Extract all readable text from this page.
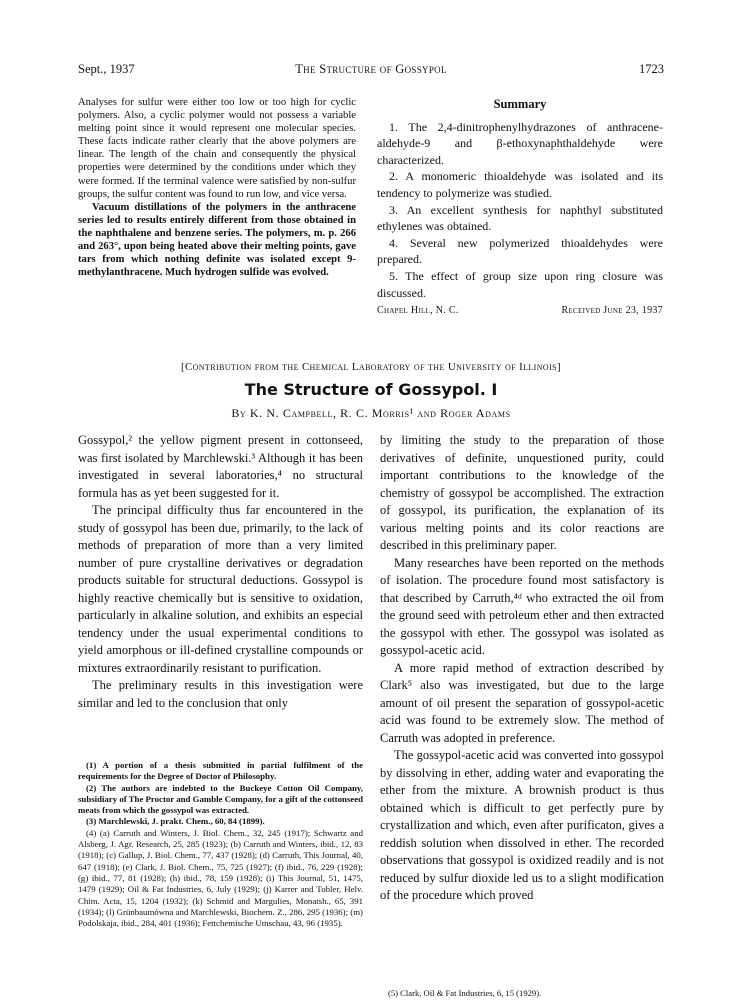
Sept., 1937	The Structure of Gossypol	1723

Analyses for sulfur were either too low or too high for cyclic polymers. Also, a cyclic polymer would not possess a variable melting point since it would represent one molecular species. These facts indicate rather clearly that the above polymers are linear. The length of the chain and consequently the physical properties were determined by the conditions under which they were formed. If the terminal valence were satisfied by non-sulfur groups, the sulfur content was found to run low, and vice versa.

Vacuum distillations of the polymers in the anthracene series led to results entirely different from those obtained in the naphthalene and benzene series. The polymers, m. p. 266 and 263°, upon being heated above their melting points, gave tars from which nothing definite was isolated except 9-methylanthracene. Much hydrogen sulfide was evolved.

Summary
1. The 2,4-dinitrophenylhydrazones of anthracene-aldehyde-9 and β-ethoxynaphthaldehyde were characterized.
2. A monomeric thioaldehyde was isolated and its tendency to polymerize was studied.
3. An excellent synthesis for naphthyl substituted ethylenes was obtained.
4. Several new polymerized thioaldehydes were prepared.
5. The effect of group size upon ring closure was discussed.
Chapel Hill, N. C.	Received June 23, 1937
[Contribution from the Chemical Laboratory of the University of Illinois]
The Structure of Gossypol. I
By K. N. Campbell, R. C. Morris¹ and Roger Adams

Gossypol,² the yellow pigment present in cottonseed, was first isolated by Marchlewski.³ Although it has been investigated in several laboratories,⁴ no structural formula has as yet been suggested for it.

The principal difficulty thus far encountered in the study of gossypol has been due, primarily, to the lack of methods of preparation of more than a very limited number of pure crystalline derivatives or degradation products suitable for structural deductions. Gossypol is highly reactive chemically but is sensitive to oxidation, particularly in alkaline solution, and exhibits an especial tendency under the usual experimental conditions to yield amorphous or ill-defined crystalline compounds or mixtures extraordinarily resistant to purification.

The preliminary results in this investigation were similar and led to the conclusion that only

by limiting the study to the preparation of those derivatives of definite, unquestioned purity, could important contributions to the knowledge of the chemistry of gossypol be accomplished. The extraction of gossypol, its purification, the explanation of its various melting points and its color reactions are described in this preliminary paper.

Many researches have been reported on the methods of isolation. The procedure found most satisfactory is that described by Carruth,⁴ᵈ who extracted the oil from the ground seed with petroleum ether and then extracted the gossypol with ether. The gossypol was isolated as gossypol-acetic acid.

A more rapid method of extraction described by Clark⁵ also was investigated, but due to the large amount of oil present the separation of gossypol-acetic acid was found to be extremely slow. The method of Carruth was adopted in preference.

The gossypol-acetic acid was converted into gossypol by dissolving in ether, adding water and evaporating the ether from the mixture. A brownish product is thus obtained which is difficult to get perfectly pure by crystallization and which, even after purificaton, gives a reddish solution when dissolved in ether. The recorded observations that gossypol is oxidized readily and is not reduced by sulfur dioxide led us to a slight modification of the procedure which proved

(1) A portion of a thesis submitted in partial fulfilment of the requirements for the Degree of Doctor of Philosophy.

(2) The authors are indebted to the Buckeye Cotton Oil Company, subsidiary of The Proctor and Gamble Company, for a gift of the cottonseed meats from which the gossypol was extracted.

(3) Marchlewski, J. prakt. Chem., 60, 84 (1899).

(4) (a) Carruth and Winters, J. Biol. Chem., 32, 245 (1917); Schwartz and Alsberg, J. Agr. Research, 25, 285 (1923); (b) Carruth and Winters, ibid., 12, 83 (1918); (c) Gallup, J. Biol. Chem., 77, 437 (1928); (d) Carruth, This Journal, 40, 647 (1918); (e) Clark, J. Biol. Chem., 75, 725 (1927); (f) ibid., 76, 229 (1928); (g) ibid., 77, 81 (1928); (h) ibid., 78, 159 (1928); (i) This Journal, 51, 1475, 1479 (1929); Oil & Fat Industries, 6, July (1929); (j) Karrer and Tobler, Helv. Chim. Acta, 15, 1204 (1932); (k) Schmid and Margulies, Monatsh., 65, 391 (1934); (l) Grünbaumówna and Marchlewski, Biochem. Z., 286, 295 (1936); (m) Podolskaja, ibid., 284, 401 (1936); Fettchemische Umschau, 43, 96 (1935).

(5) Clark, Oil & Fat Industries, 6, 15 (1929).
